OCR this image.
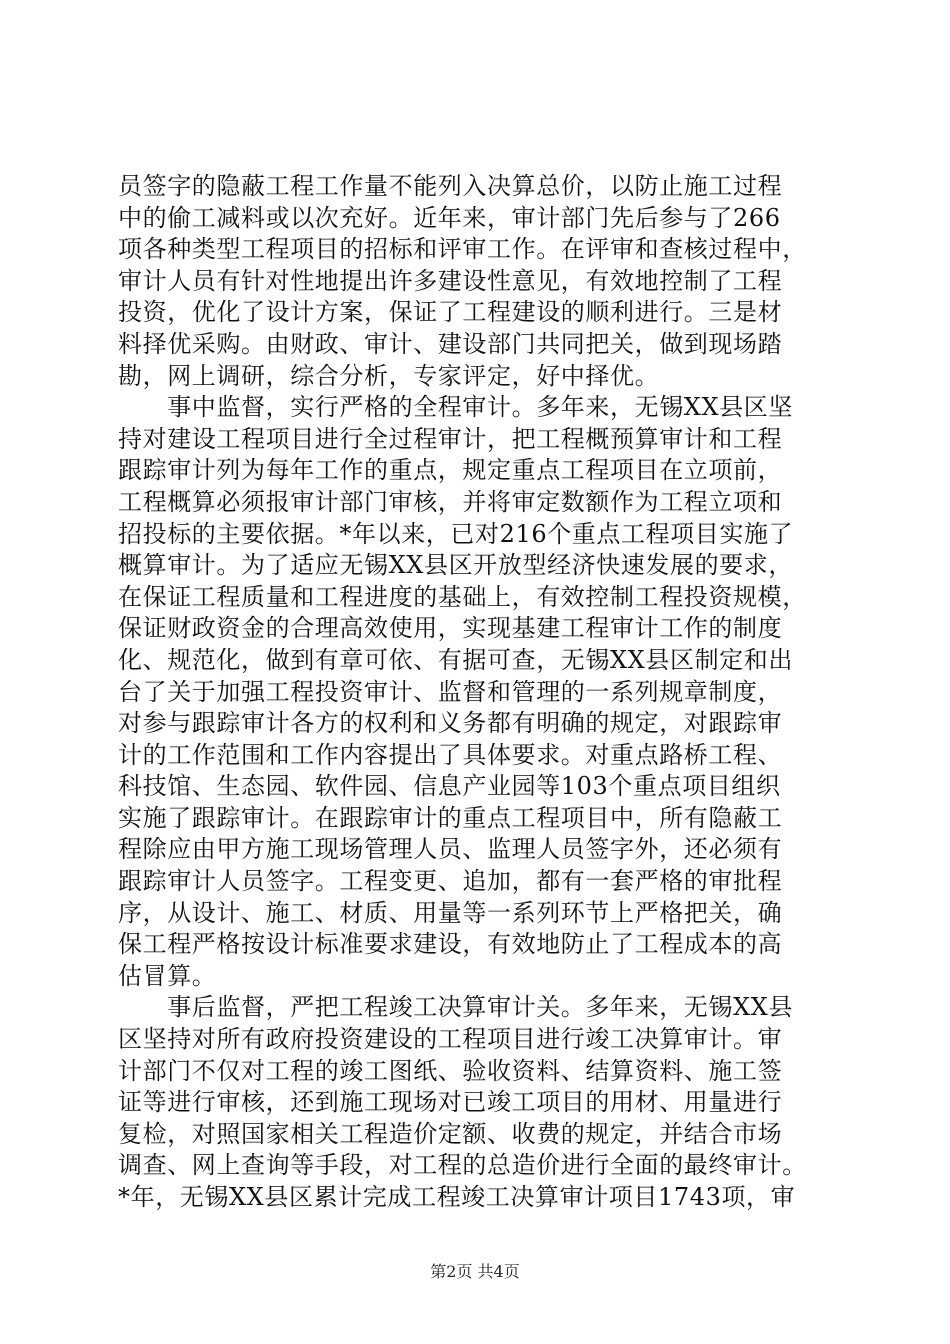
员签字的隐蔽工程工作量不能列入决算总价，以防止施工过程
中的偷工减料或以次充好。近年来，审计部门先后参与了266
项各种类型工程项目的招标和评审工作。在评审和查核过程中，
审计人员有针对性地提出许多建设性意见，有效地控制了工程
投资，优化了设计方案，保证了工程建设的顺利进行。三是材
料择优采购。由财政、审计、建设部门共同把关，做到现场踏
勘，网上调研，综合分析，专家评定，好中择优。
　　事中监督，实行严格的全程审计。多年来，无锡XX县区坚
持对建设工程项目进行全过程审计，把工程概预算审计和工程
跟踪审计列为每年工作的重点，规定重点工程项目在立项前，
工程概算必须报审计部门审核，并将审定数额作为工程立项和
招投标的主要依据。*年以来，已对216个重点工程项目实施了
概算审计。为了适应无锡XX县区开放型经济快速发展的要求，
在保证工程质量和工程进度的基础上，有效控制工程投资规模，
保证财政资金的合理高效使用，实现基建工程审计工作的制度
化、规范化，做到有章可依、有据可查，无锡XX县区制定和出
台了关于加强工程投资审计、监督和管理的一系列规章制度，
对参与跟踪审计各方的权利和义务都有明确的规定，对跟踪审
计的工作范围和工作内容提出了具体要求。对重点路桥工程、
科技馆、生态园、软件园、信息产业园等103个重点项目组织
实施了跟踪审计。在跟踪审计的重点工程项目中，所有隐蔽工
程除应由甲方施工现场管理人员、监理人员签字外，还必须有
跟踪审计人员签字。工程变更、追加，都有一套严格的审批程
序，从设计、施工、材质、用量等一系列环节上严格把关，确
保工程严格按设计标准要求建设，有效地防止了工程成本的高
估冒算。
　　事后监督，严把工程竣工决算审计关。多年来，无锡XX县
区坚持对所有政府投资建设的工程项目进行竣工决算审计。审
计部门不仅对工程的竣工图纸、验收资料、结算资料、施工签
证等进行审核，还到施工现场对已竣工项目的用材、用量进行
复检，对照国家相关工程造价定额、收费的规定，并结合市场
调查、网上查询等手段，对工程的总造价进行全面的最终审计。
*年，无锡XX县区累计完成工程竣工决算审计项目1743项，审
第2页 共4页
